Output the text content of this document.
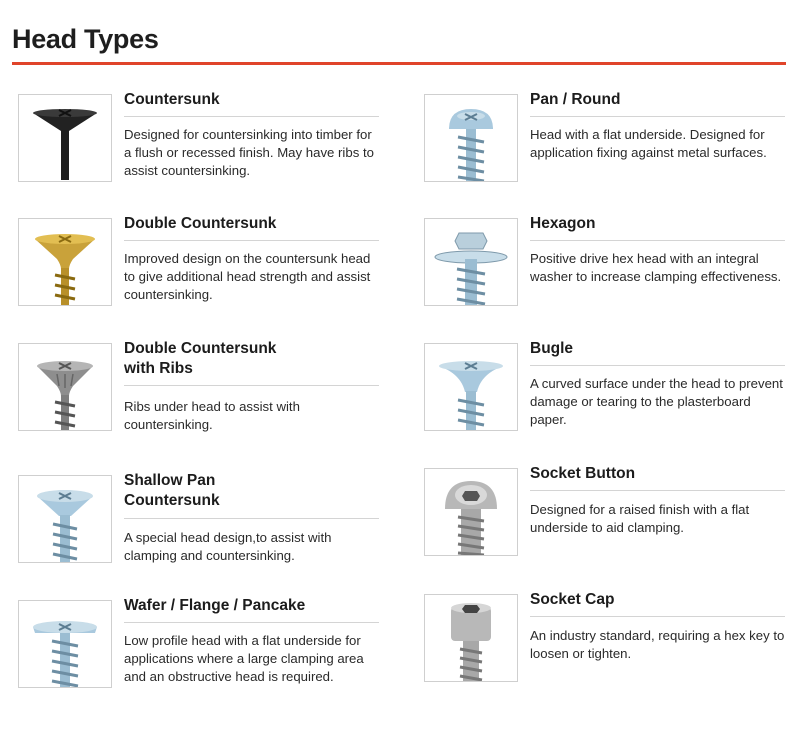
Head Types
Countersunk
Designed for countersinking into timber for a flush or recessed finish. May have ribs to assist countersinking.
Double Countersunk
Improved design on the countersunk head to give additional head strength and assist countersinking.
Double Countersunk
with Ribs
Ribs under head to assist with countersinking.
Shallow Pan
Countersunk
A special head design,to assist with clamping and countersinking.
Wafer / Flange / Pancake
Low profile head with a flat underside for applications where a large clamping area and an obstructive head is required.
Pan / Round
Head with a flat underside. Designed for application fixing against metal surfaces.
Hexagon
Positive drive hex head with an integral washer to increase clamping effectiveness.
Bugle
A curved surface under the head to prevent damage or tearing to the plasterboard paper.
Socket Button
Designed for a raised finish with a flat underside to aid clamping.
Socket Cap
An industry standard, requiring a hex key to loosen or tighten.
